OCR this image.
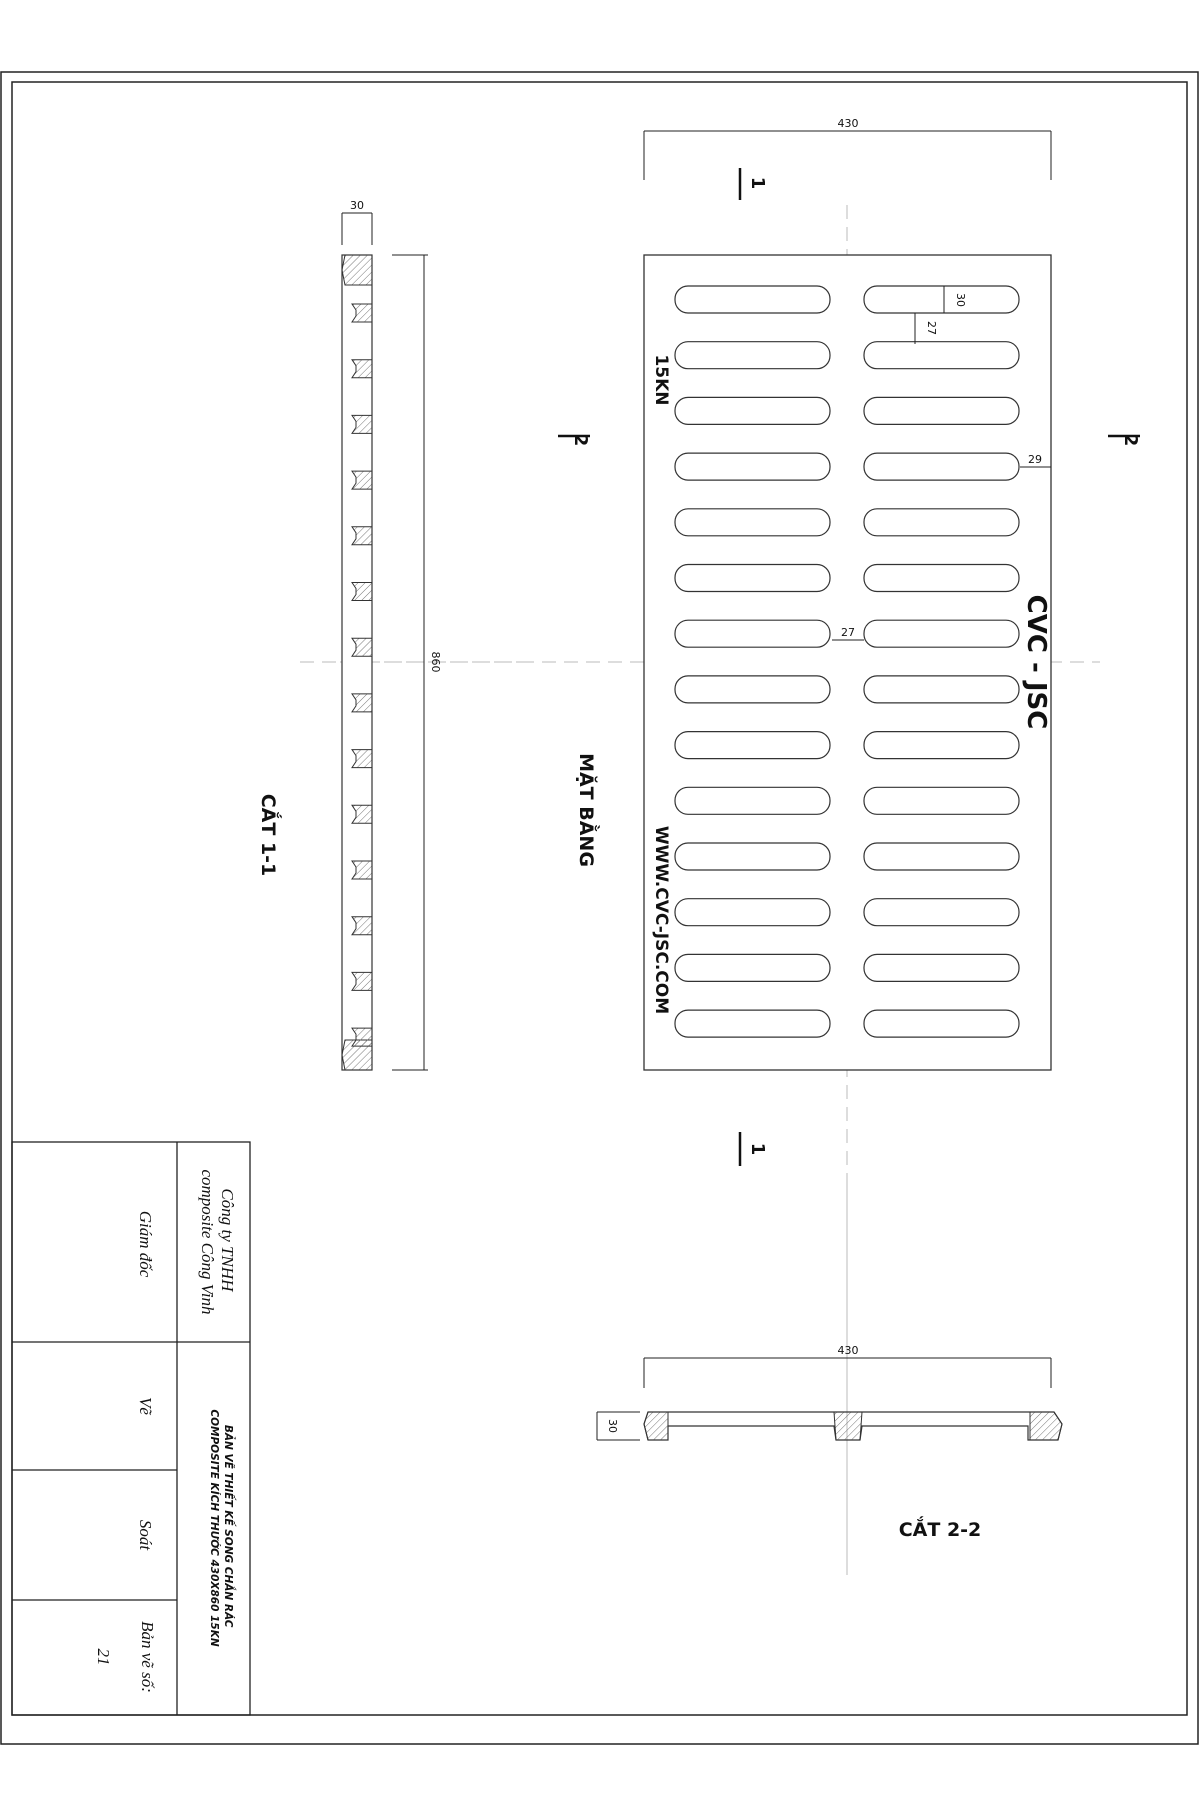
430
30
27
29
27
15KN
CVC - JSC
WWW.CVC-JSC.COM
MẶT BẰNG
1
1
2	2
30
860
CẮT 1-1
430
30
CẮT 2-2
Công ty TNHH composite Công Vinh
Giám đốc
BẢN VẼ THIẾT KẾ SONG CHẮN RÁC COMPOSITE KÍCH THƯỚC 430X860 15KN
Vẽ
Soát
Bản vẽ số:
21
